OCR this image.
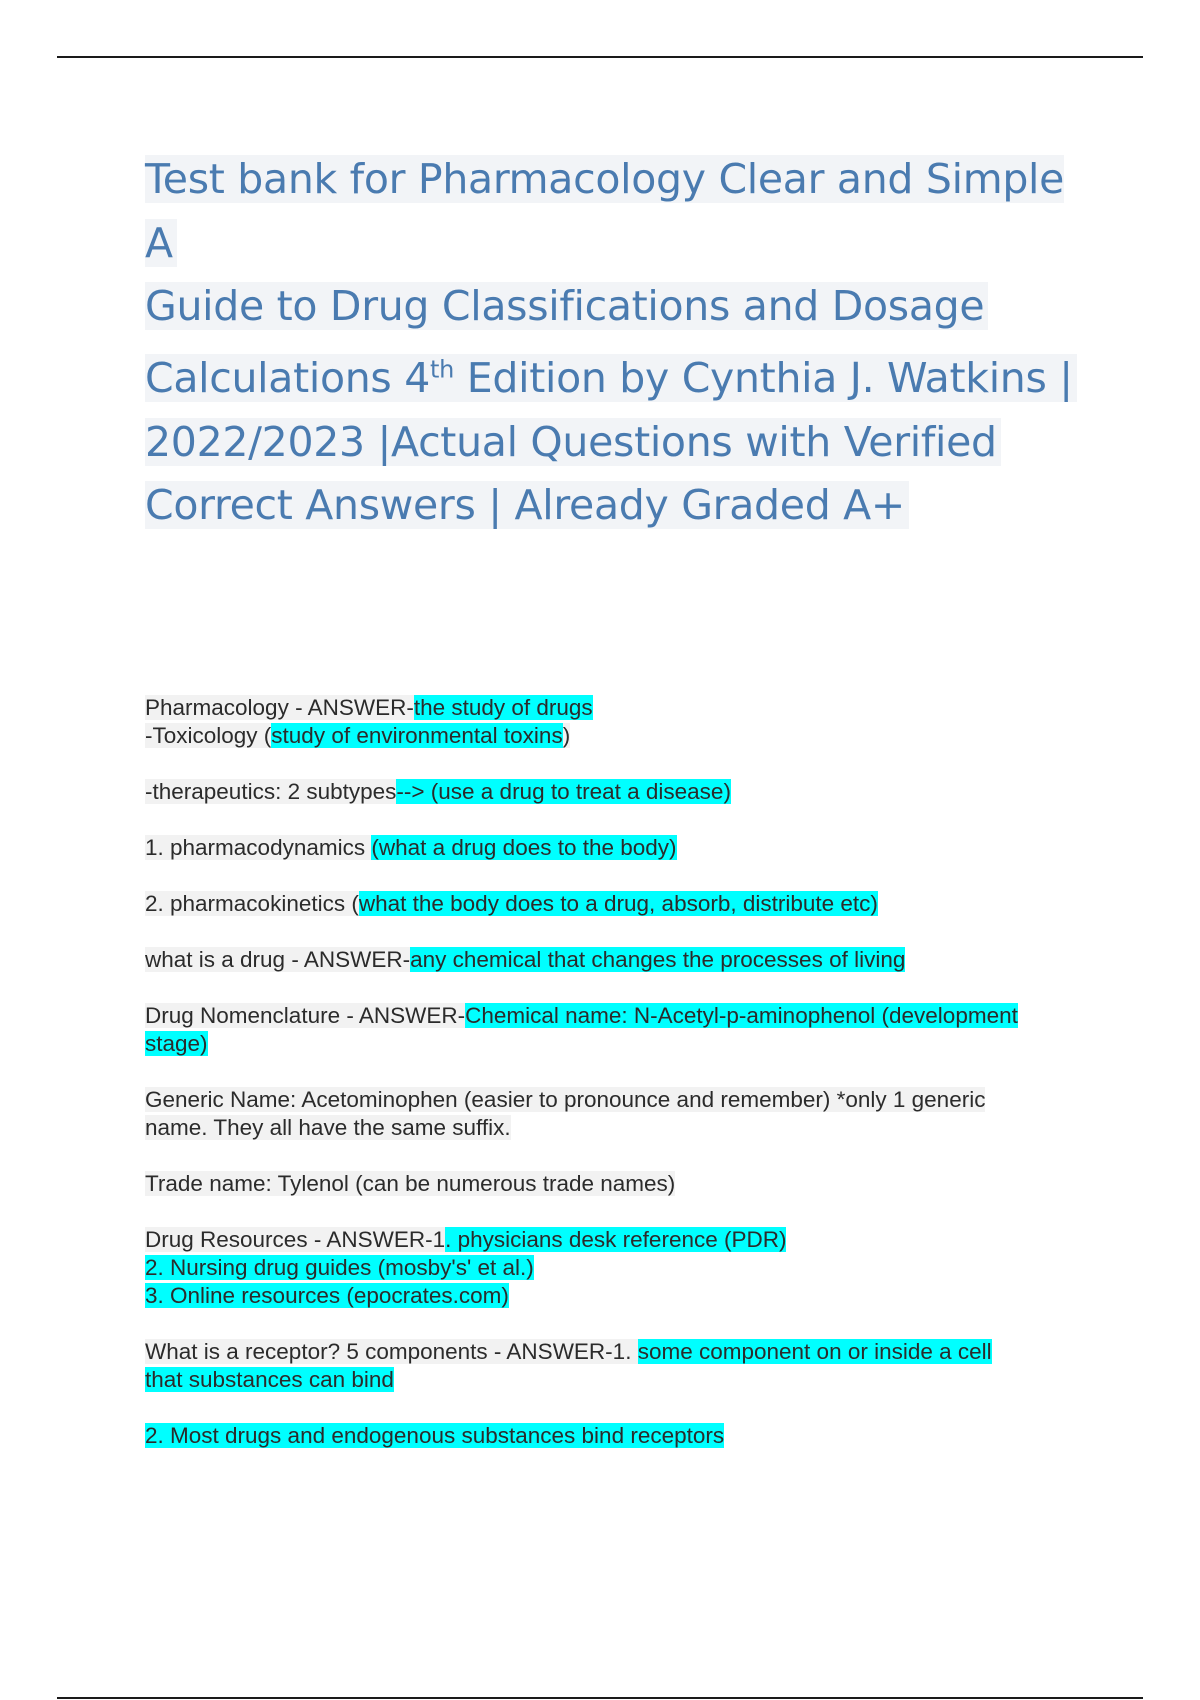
Test bank for Pharmacology Clear and Simple A
Guide to Drug Classifications and Dosage
Calculations 4th Edition by Cynthia J. Watkins |
2022/2023 |Actual Questions with Verified
Correct Answers | Already Graded A+

Pharmacology - ANSWER-the study of drugs

-Toxicology (study of environmental toxins)

-therapeutics: 2 subtypes--> (use a drug to treat a disease)

1. pharmacodynamics (what a drug does to the body)

2. pharmacokinetics (what the body does to a drug, absorb, distribute etc)

what is a drug - ANSWER-any chemical that changes the processes of living

Drug Nomenclature - ANSWER-Chemical name: N-Acetyl-p-aminophenol (development

stage)

Generic Name: Acetominophen (easier to pronounce and remember) *only 1 generic

name. They all have the same suffix.

Trade name: Tylenol (can be numerous trade names)

Drug Resources - ANSWER-1. physicians desk reference (PDR)

2. Nursing drug guides (mosby's' et al.)

3. Online resources (epocrates.com)

What is a receptor? 5 components - ANSWER-1. some component on or inside a cell

that substances can bind

2. Most drugs and endogenous substances bind receptors
